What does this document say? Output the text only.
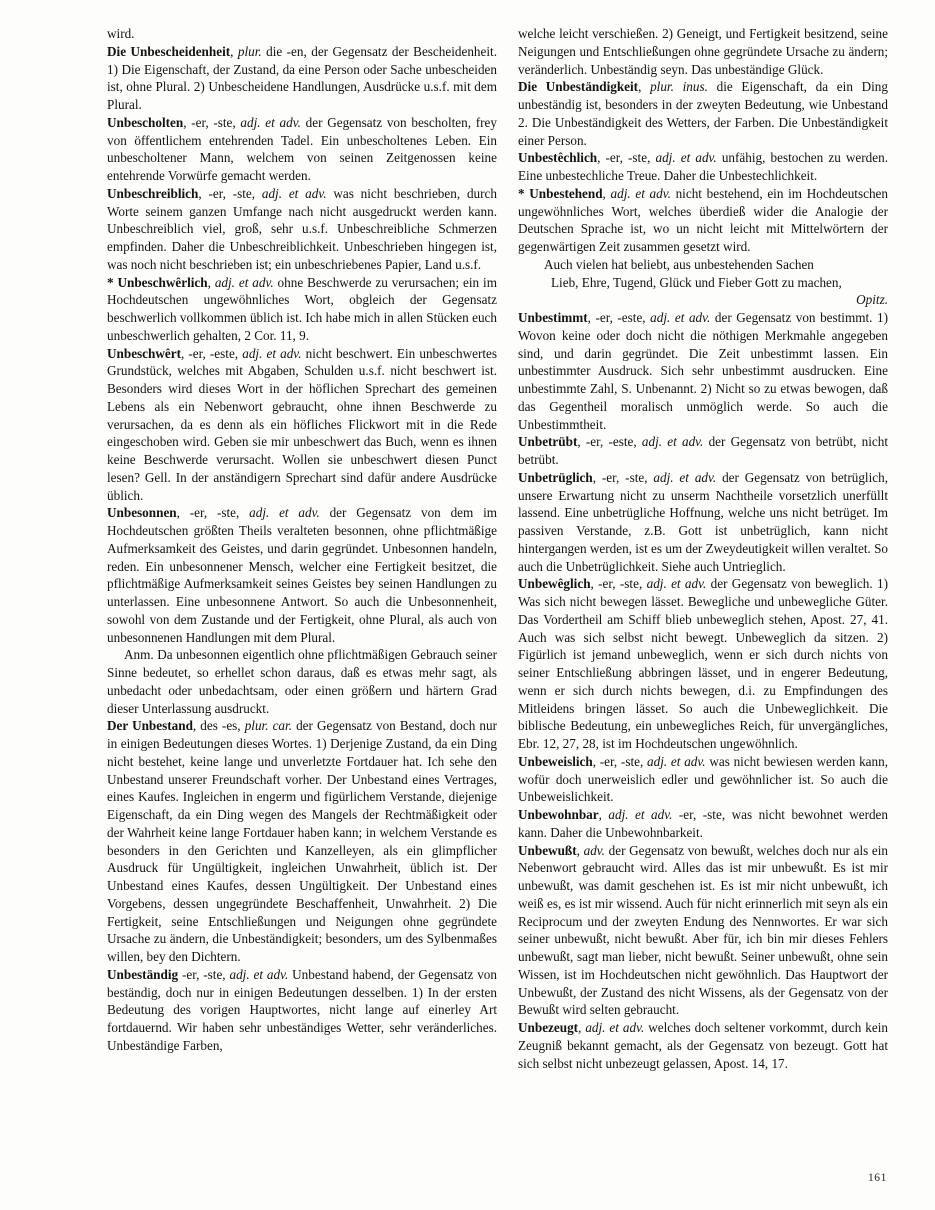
wird.

Die Unbescheidenheit, plur. die -en, der Gegensatz der Bescheidenheit. 1) Die Eigenschaft, der Zustand, da eine Person oder Sache unbescheiden ist, ohne Plural. 2) Unbescheidene Handlungen, Ausdrücke u.s.f. mit dem Plural.

Unbescholten, -er, -ste, adj. et adv. der Gegensatz von bescholten, frey von öffentlichem entehrenden Tadel. Ein unbescholtenes Leben. Ein unbescholtener Mann, welchem von seinen Zeitgenossen keine entehrende Vorwürfe gemacht werden.

Unbeschreiblich, -er, -ste, adj. et adv. was nicht beschrieben, durch Worte seinem ganzen Umfange nach nicht ausgedruckt werden kann. Unbeschreiblich viel, groß, sehr u.s.f. Unbeschreibliche Schmerzen empfinden. Daher die Unbeschreiblichkeit. Unbeschrieben hingegen ist, was noch nicht beschrieben ist; ein unbeschriebenes Papier, Land u.s.f.

* Unbeschwêrlich, adj. et adv. ohne Beschwerde zu verursachen; ein im Hochdeutschen ungewöhnliches Wort, obgleich der Gegensatz beschwerlich vollkommen üblich ist. Ich habe mich in allen Stücken euch unbeschwerlich gehalten, 2 Cor. 11, 9.

Unbeschwêrt, -er, -este, adj. et adv. nicht beschwert. Ein unbeschwertes Grundstück, welches mit Abgaben, Schulden u.s.f. nicht beschwert ist. Besonders wird dieses Wort in der höflichen Sprechart des gemeinen Lebens als ein Nebenwort gebraucht, ohne ihnen Beschwerde zu verursachen, da es denn als ein höfliches Flickwort mit in die Rede eingeschoben wird. Geben sie mir unbeschwert das Buch, wenn es ihnen keine Beschwerde verursacht. Wollen sie unbeschwert diesen Punct lesen? Gell. In der anständigern Sprechart sind dafür andere Ausdrücke üblich.

Unbesonnen, -er, -ste, adj. et adv. der Gegensatz von dem im Hochdeutschen größten Theils veralteten besonnen, ohne pflichtmäßige Aufmerksamkeit des Geistes, und darin gegründet. Unbesonnen handeln, reden. Ein unbesonnener Mensch, welcher eine Fertigkeit besitzet, die pflichtmäßige Aufmerksamkeit seines Geistes bey seinen Handlungen zu unterlassen. Eine unbesonnene Antwort. So auch die Unbesonnenheit, sowohl von dem Zustande und der Fertigkeit, ohne Plural, als auch von unbesonnenen Handlungen mit dem Plural.

Anm. Da unbesonnen eigentlich ohne pflichtmäßigen Gebrauch seiner Sinne bedeutet, so erhellet schon daraus, daß es etwas mehr sagt, als unbedacht oder unbedachtsam, oder einen größern und härtern Grad dieser Unterlassung ausdruckt.

Der Unbestand, des -es, plur. car. der Gegensatz von Bestand, doch nur in einigen Bedeutungen dieses Wortes. 1) Derjenige Zustand, da ein Ding nicht bestehet, keine lange und unverletzte Fortdauer hat. Ich sehe den Unbestand unserer Freundschaft vorher. Der Unbestand eines Vertrages, eines Kaufes. Ingleichen in engerm und figürlichem Verstande, diejenige Eigenschaft, da ein Ding wegen des Mangels der Rechtmäßigkeit oder der Wahrheit keine lange Fortdauer haben kann; in welchem Verstande es besonders in den Gerichten und Kanzelleyen, als ein glimpflicher Ausdruck für Ungültigkeit, ingleichen Unwahrheit, üblich ist. Der Unbestand eines Kaufes, dessen Ungültigkeit. Der Unbestand eines Vorgebens, dessen ungegründete Beschaffenheit, Unwahrheit. 2) Die Fertigkeit, seine Entschließungen und Neigungen ohne gegründete Ursache zu ändern, die Unbeständigkeit; besonders, um des Sylbenmaßes willen, bey den Dichtern.

Unbeständig -er, -ste, adj. et adv. Unbestand habend, der Gegensatz von beständig, doch nur in einigen Bedeutungen desselben. 1) In der ersten Bedeutung des vorigen Hauptwortes, nicht lange auf einerley Art fortdauernd. Wir haben sehr unbeständiges Wetter, sehr veränderliches. Unbeständige Farben,

welche leicht verschießen. 2) Geneigt, und Fertigkeit besitzend, seine Neigungen und Entschließungen ohne gegründete Ursache zu ändern; veränderlich. Unbeständig seyn. Das unbeständige Glück.

Die Unbeständigkeit, plur. inus. die Eigenschaft, da ein Ding unbeständig ist, besonders in der zweyten Bedeutung, wie Unbestand 2. Die Unbeständigkeit des Wetters, der Farben. Die Unbeständigkeit einer Person.

Unbestêchlich, -er, -ste, adj. et adv. unfähig, bestochen zu werden. Eine unbestechliche Treue. Daher die Unbestechlichkeit.

* Unbestehend, adj. et adv. nicht bestehend, ein im Hochdeutschen ungewöhnliches Wort, welches überdieß wider die Analogie der Deutschen Sprache ist, wo un nicht leicht mit Mittelwörtern der gegenwärtigen Zeit zusammen gesetzt wird.

Auch vielen hat beliebt, aus unbestehenden Sachen

Lieb, Ehre, Tugend, Glück und Fieber Gott zu machen,

Opitz.

Unbestimmt, -er, -este, adj. et adv. der Gegensatz von bestimmt. 1) Wovon keine oder doch nicht die nöthigen Merkmahle angegeben sind, und darin gegründet. Die Zeit unbestimmt lassen. Ein unbestimmter Ausdruck. Sich sehr unbestimmt ausdrucken. Eine unbestimmte Zahl, S. Unbenannt. 2) Nicht so zu etwas bewogen, daß das Gegentheil moralisch unmöglich werde. So auch die Unbestimmtheit.

Unbetrübt, -er, -este, adj. et adv. der Gegensatz von betrübt, nicht betrübt.

Unbetrüglich, -er, -ste, adj. et adv. der Gegensatz von betrüglich, unsere Erwartung nicht zu unserm Nachtheile vorsetzlich unerfüllt lassend. Eine unbetrügliche Hoffnung, welche uns nicht betrüget. Im passiven Verstande, z.B. Gott ist unbetrüglich, kann nicht hintergangen werden, ist es um der Zweydeutigkeit willen veraltet. So auch die Unbetrüglichkeit. Siehe auch Untrieglich.

Unbewêglich, -er, -ste, adj. et adv. der Gegensatz von beweglich. 1) Was sich nicht bewegen lässet. Bewegliche und unbewegliche Güter. Das Vordertheil am Schiff blieb unbeweglich stehen, Apost. 27, 41. Auch was sich selbst nicht bewegt. Unbeweglich da sitzen. 2) Figürlich ist jemand unbeweglich, wenn er sich durch nichts von seiner Entschließung abbringen lässet, und in engerer Bedeutung, wenn er sich durch nichts bewegen, d.i. zu Empfindungen des Mitleidens bringen lässet. So auch die Unbeweglichkeit. Die biblische Bedeutung, ein unbewegliches Reich, für unvergängliches, Ebr. 12, 27, 28, ist im Hochdeutschen ungewöhnlich.

Unbeweislich, -er, -ste, adj. et adv. was nicht bewiesen werden kann, wofür doch unerweislich edler und gewöhnlicher ist. So auch die Unbeweislichkeit.

Unbewohnbar, adj. et adv. -er, -ste, was nicht bewohnet werden kann. Daher die Unbewohnbarkeit.

Unbewußt, adv. der Gegensatz von bewußt, welches doch nur als ein Nebenwort gebraucht wird. Alles das ist mir unbewußt. Es ist mir unbewußt, was damit geschehen ist. Es ist mir nicht unbewußt, ich weiß es, es ist mir wissend. Auch für nicht erinnerlich mit seyn als ein Reciprocum und der zweyten Endung des Nennwortes. Er war sich seiner unbewußt, nicht bewußt. Aber für, ich bin mir dieses Fehlers unbewußt, sagt man lieber, nicht bewußt. Seiner unbewußt, ohne sein Wissen, ist im Hochdeutschen nicht gewöhnlich. Das Hauptwort der Unbewußt, der Zustand des nicht Wissens, als der Gegensatz von der Bewußt wird selten gebraucht.

Unbezeugt, adj. et adv. welches doch seltener vorkommt, durch kein Zeugniß bekannt gemacht, als der Gegensatz von bezeugt. Gott hat sich selbst nicht unbezeugt gelassen, Apost. 14, 17.

161
